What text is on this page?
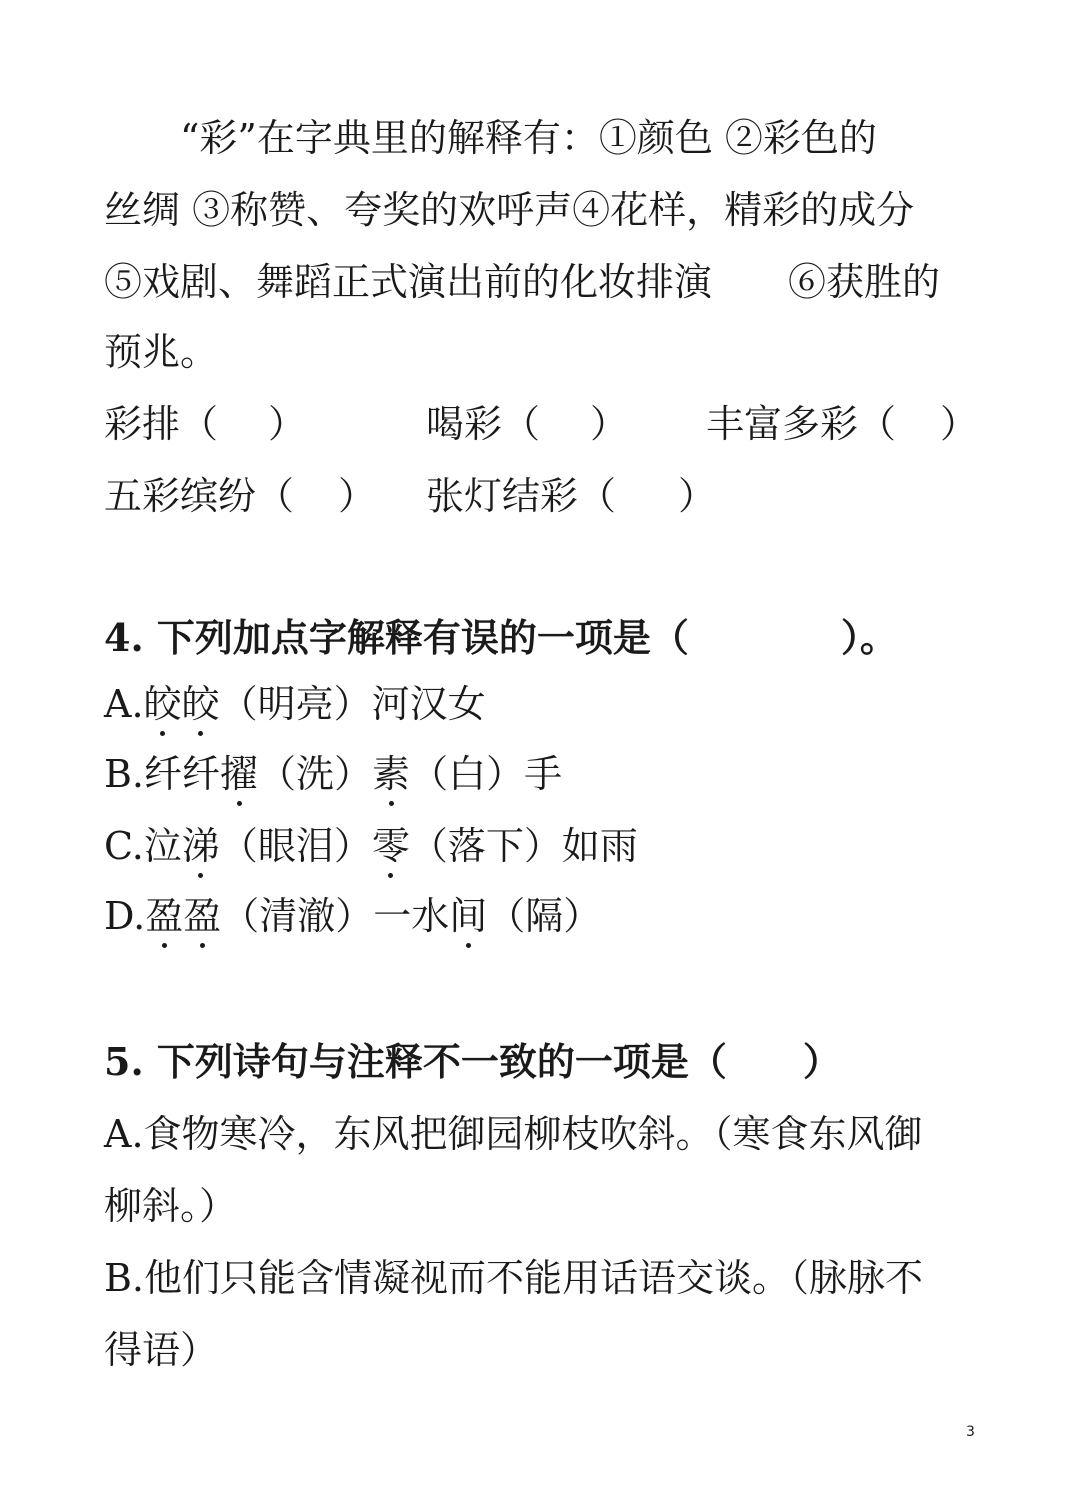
“彩”在字典里的解释有：①颜色 ②彩色的
丝绸 ③称赞、夸奖的欢呼声④花样，精彩的成分
⑤戏剧、舞蹈正式演出前的化妆排演　　⑥获胜的
预兆。
彩排（ ）	喝彩（ ） 丰富多彩（ ）
五彩缤纷（ ） 张灯结彩（ ）
4. 下列加点字解释有误的一项是（　　　　）。
A.皎皎（明亮）河汉女
B.纤纤擢（洗）素（白）手
C.泣涕（眼泪）零（落下）如雨
D.盈盈（清澈）一水间（隔）
5. 下列诗句与注释不一致的一项是（　　）
A.食物寒冷，东风把御园柳枝吹斜。（寒食东风御
柳斜。）
B.他们只能含情凝视而不能用话语交谈。（脉脉不
得语）
3
